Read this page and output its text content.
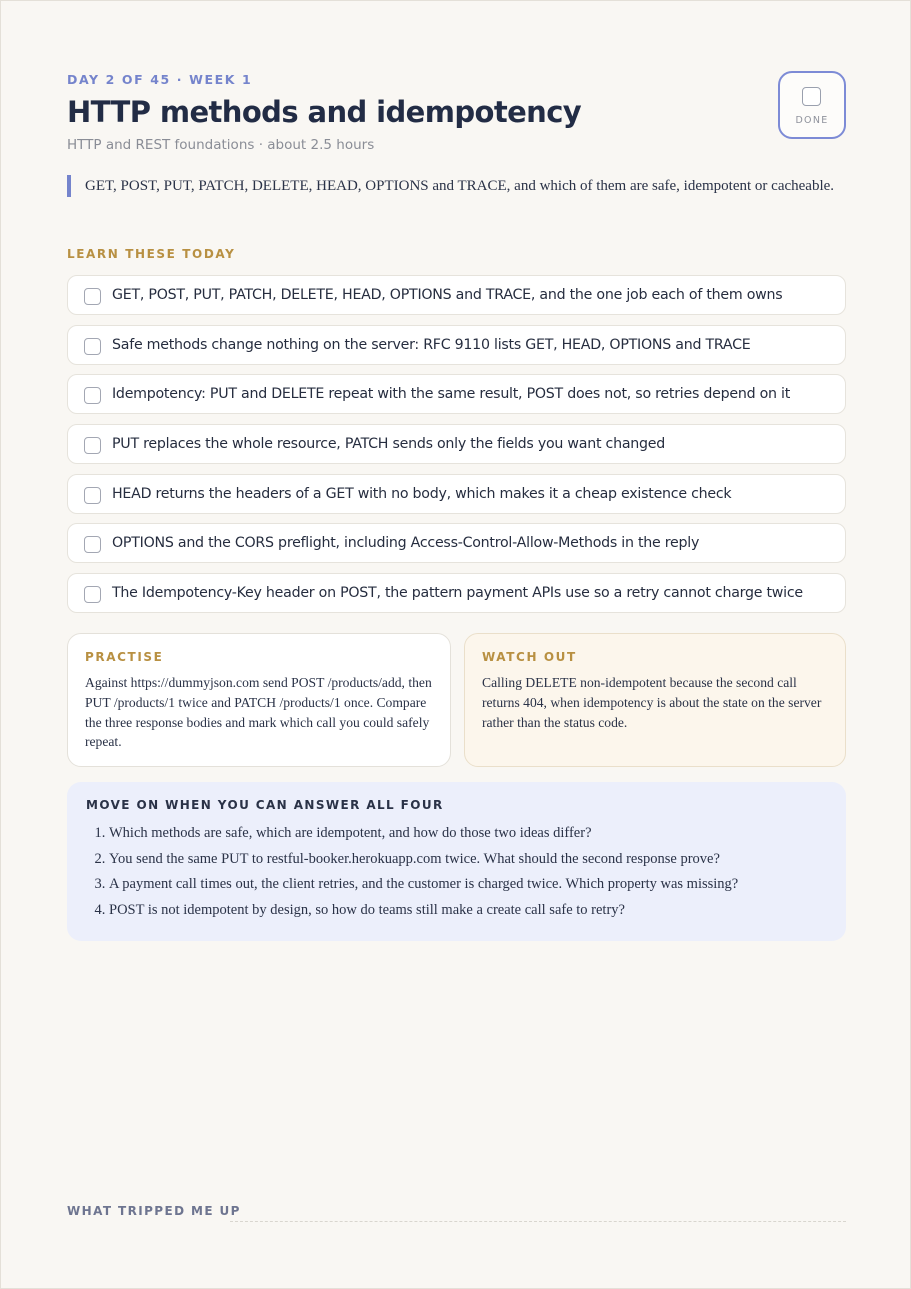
DAY 2 OF 45 · WEEK 1
HTTP methods and idempotency
HTTP and REST foundations · about 2.5 hours
DONE
GET, POST, PUT, PATCH, DELETE, HEAD, OPTIONS and TRACE, and which of them are safe, idempotent or cacheable.
LEARN THESE TODAY
GET, POST, PUT, PATCH, DELETE, HEAD, OPTIONS and TRACE, and the one job each of them owns
Safe methods change nothing on the server: RFC 9110 lists GET, HEAD, OPTIONS and TRACE
Idempotency: PUT and DELETE repeat with the same result, POST does not, so retries depend on it
PUT replaces the whole resource, PATCH sends only the fields you want changed
HEAD returns the headers of a GET with no body, which makes it a cheap existence check
OPTIONS and the CORS preflight, including Access-Control-Allow-Methods in the reply
The Idempotency-Key header on POST, the pattern payment APIs use so a retry cannot charge twice
PRACTISE
Against https://dummyjson.com send POST /products/add, then PUT /products/1 twice and PATCH /products/1 once. Compare the three response bodies and mark which call you could safely repeat.
WATCH OUT
Calling DELETE non-idempotent because the second call returns 404, when idempotency is about the state on the server rather than the status code.
MOVE ON WHEN YOU CAN ANSWER ALL FOUR
1. Which methods are safe, which are idempotent, and how do those two ideas differ?
2. You send the same PUT to restful-booker.herokuapp.com twice. What should the second response prove?
3. A payment call times out, the client retries, and the customer is charged twice. Which property was missing?
4. POST is not idempotent by design, so how do teams still make a create call safe to retry?
WHAT TRIPPED ME UP
